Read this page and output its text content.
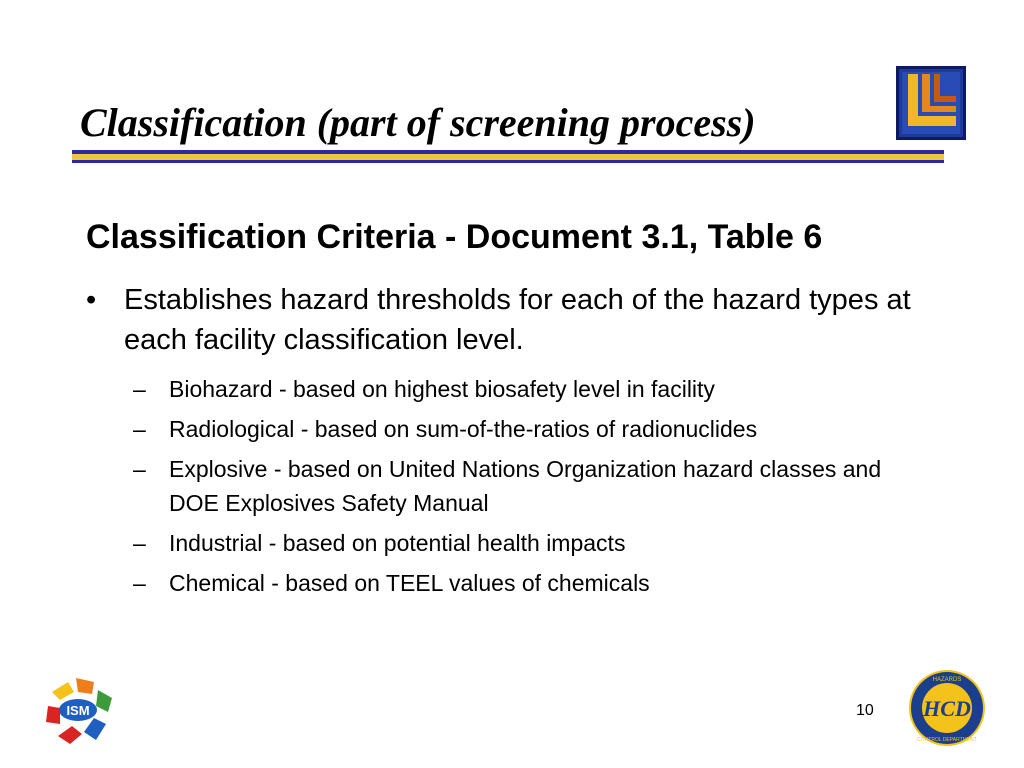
Classification (part of screening process)
Classification Criteria - Document 3.1, Table 6
• Establishes hazard thresholds for each of the hazard types at each facility classification level.
– Biohazard - based on highest biosafety level in facility
– Radiological - based on sum-of-the-ratios of radionuclides
– Explosive - based on United Nations Organization hazard classes and DOE Explosives Safety Manual
– Industrial - based on potential health impacts
– Chemical - based on TEEL values of chemicals
ISM	10 HCD
HAZARDS
CONTROL DEPARTMENT
